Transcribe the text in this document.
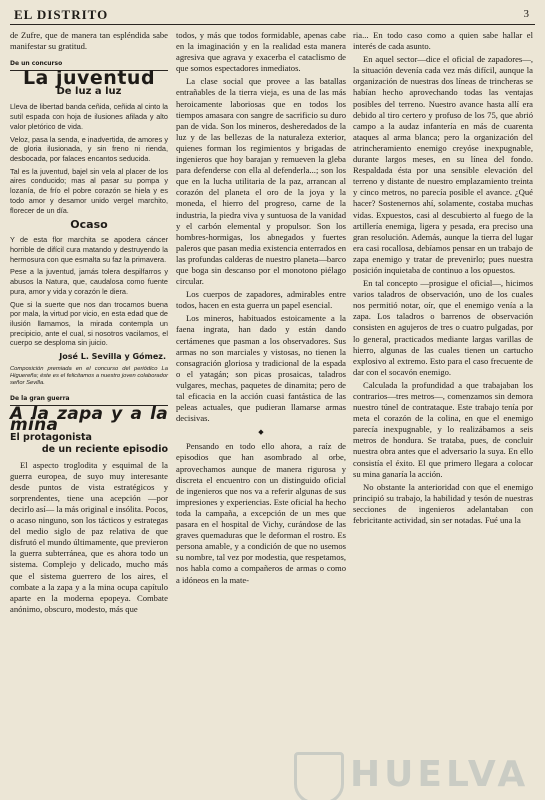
EL DISTRITO	3

de Zufre, que de manera tan espléndida sabe manifestar su gratitud.

De un concurso
La juventud
De luz a luz

Lleva de libertad banda ceñida, ceñida al cinto la sutil espada con hoja de ilusiones afilada y alto valor pletórico de vida.

Veloz, pasa la senda, e inadvertida, de amores y de gloria ilusionada, y sin freno ni rienda, desbocada, por falaces encantos seducida.

Tal es la juventud, bajel sin vela al placer de los aires conducido; mas al pasar su pompa y lozanía, de frío el pobre corazón se hiela y es todo amor y desamor unido vergel marchito, florecer de un día.

Ocaso

Y de esta flor marchita se apodera cáncer horrible de difícil cura matando y destruyendo la hermosura con que esmalta su faz la primavera.

Pese a la juventud, jamás tolera despilfarros y abusos la Natura, que, caudalosa como fuente pura, amor y vida y corazón le diera.

Que si la suerte que nos dan trocamos buena por mala, la virtud por vicio, en esta edad que de ilusión llamamos, la mirada contempla un precipicio, ante el cual, si nosotros vacilamos, el cuerpo se desploma sin juicio.

José L. Sevilla y Gómez.
Composición premiada en el concurso del periódico La Higuereña; éste es el felicitamos a nuestro joven colaborador señor Sevilla.
De la gran guerra
A la zapa y a la mina
El protagonista
de un reciente episodio

El aspecto troglodita y esquimal de la guerra europea, de suyo muy interesante desde puntos de vista estratégicos y sorprendentes, tiene una acepción —por decirlo así— la más original e insólita. Pocos, o acaso ninguno, son los tácticos y estrategas del medio siglo de paz relativa de que disfrutó el mundo últimamente, que previeron la guerra subterránea, que es ahora todo un sistema. Complejo y delicado, mucho más que el sistema guerrero de los aires, el combate a la zapa y a la mina ocupa capítulo aparte en la moderna epopeya. Combate anónimo, obscuro, modesto, más que

todos, y más que todos formidable, apenas cabe en la imaginación y en la realidad esta manera agresiva que agrava y exacerba el cataclismo de que somos espectadores inmediatos.

La clase social que provee a las batallas entrañables de la tierra vieja, es una de las más heroicamente laboriosas que en todos los tiempos amasara con sangre de sacrificio su duro pan de vida. Son los mineros, desheredados de la luz y de las bellezas de la naturaleza exterior, quienes forman los regimientos y brigadas de ingenieros que hoy barajan y remueven la gleba para defenderse con ella al defenderla...; son los que en la lucha utilitaria de la paz, arrancan al corazón del planeta el oro de la joya y la moneda, el hierro del progreso, carne de la industria, la piedra viva y suntuosa de la vanidad y el carbón elemental y propulsor. Son los hombres-hormigas, los abnegados y fuertes paleros que pasan media existencia enterrados en las profundas calderas de nuestro planeta—barco que boga sin descanso por el monotono piélago circular.

Los cuerpos de zapadores, admirables entre todos, hacen en esta guerra un papel esencial.

Los mineros, habituados estoicamente a la faena ingrata, han dado y están dando certámenes que pasman a los observadores. Sus armas no son marciales y vistosas, no tienen la consagración gloriosa y tradicional de la espada o el yatagán; son picas prosaicas, taladros vulgares, mechas, paquetes de dinamita; pero de tal eficacia en la acción cuasi fantástica de las peleas actuales, que pudieran llamarse armas decisivas.

◆

Pensando en todo ello ahora, a raíz de episodios que han asombrado al orbe, aprovechamos aunque de manera rigurosa y discreta el encuentro con un distinguido oficial de ingenieros que nos va a referir algunas de sus impresiones y experiencias. Este oficial ha hecho toda la campaña, a excepción de un mes que pasara en el hospital de Vichy, curándose de las graves quemaduras que le deforman el rostro. Es persona amable, y a condición de que no usemos su nombre, tal vez por modestia, que respetamos, nos habla como a compañeros de armas o como a idóneos en la mate-

ria... En todo caso como a quien sabe hallar el interés de cada asunto.

En aquel sector—dice el oficial de zapadores—, la situación devenía cada vez más difícil, aunque la organización de nuestras dos líneas de trincheras se habían hecho aprovechando todas las ventajas posibles del terreno. Nuestro avance hasta allí era debido al tiro certero y profuso de los 75, que abrió campo a la audaz infantería en más de cuarenta ataques al arma blanca; pero la organización del atrincheramiento enemigo creyóse inexpugnable, durante largos meses, en su línea del fondo. Respaldada ésta por una sensible elevación del terreno y distante de nuestro emplazamiento treinta y cinco metros, no parecía posible el avance. ¿Qué hacer? Sostenernos ahí, solamente, costaba muchas vidas. Expuestos, casi al descubierto al fuego de la artillería enemiga, ligera y pesada, era preciso una gran resolución. Además, aunque la tierra del lugar era casi rocallosa, debíamos pensar en un trabajo de zapa enemigo y tratar de prevenirlo; pues nuestra posición inquietaba de continuo a los opuestos.

En tal concepto —prosigue el oficial—, hicimos varios taladros de observación, uno de los cuales nos permitió notar, oír, que el enemigo venía a la zapa. Los taladros o barrenos de observación consisten en agujeros de tres o cuatro pulgadas, por lo general, practicados mediante largas varillas de hierro, algunas de las cuales tienen un cartucho explosivo al extremo. Esto para el caso frecuente de dar con el socavón enemigo.

Calculada la profundidad a que trabajaban los contrarios—tres metros—, comenzamos sin demora nuestro túnel de contrataque. Este trabajo tenía por meta el corazón de la colina, en que el enemigo parecía inexpugnable, y lo realizábamos a seis metros de hondura. Se trataba, pues, de concluir nuestra obra antes que el adversario la suya. En ello consistía el éxito. El que primero llegara a colocar su mina ganaría la acción.

No obstante la anterioridad con que el enemigo principió su trabajo, la habilidad y tesón de nuestras secciones de ingenieros adelantaban con febricitante actividad, sin ser notadas. Fué una la

HUELVA
